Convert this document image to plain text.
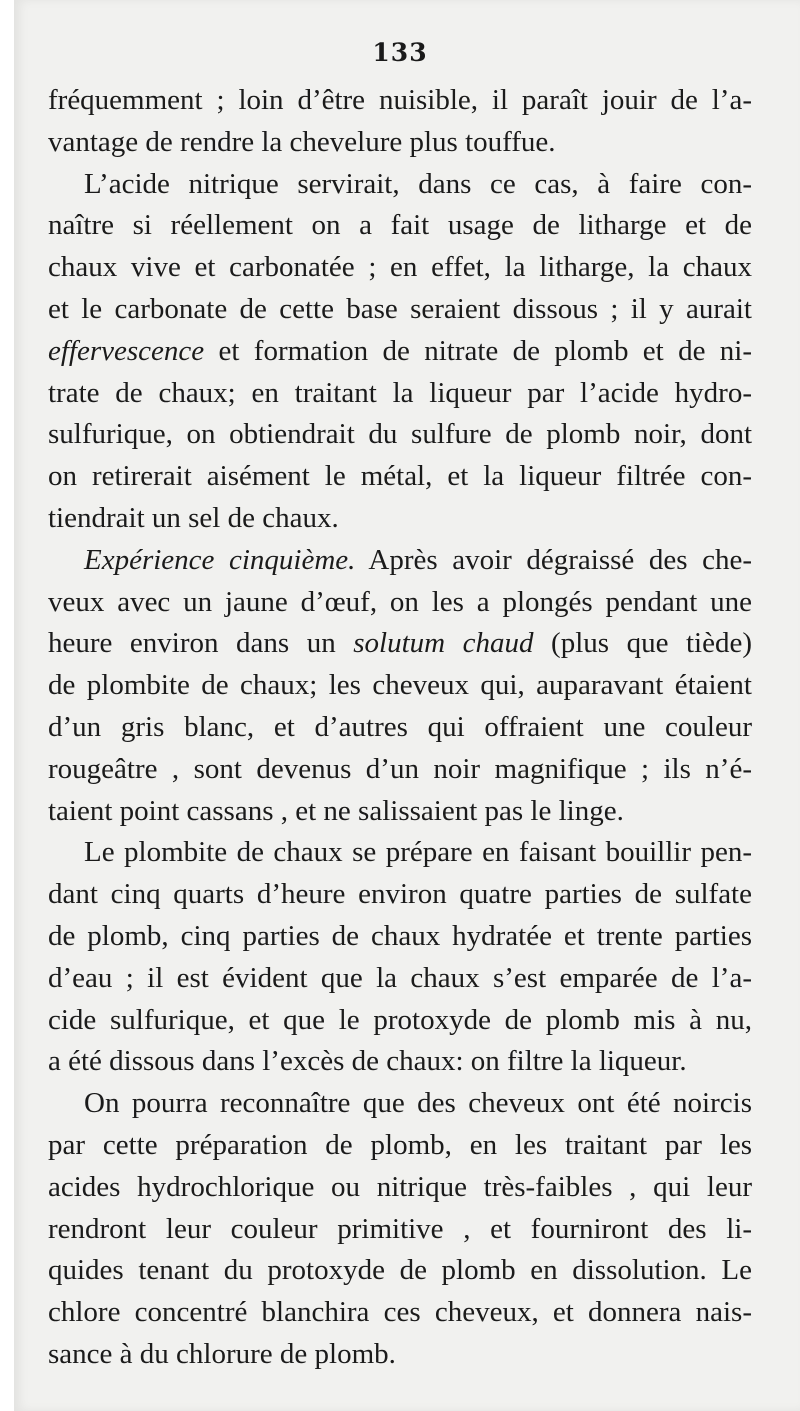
133
fréquemment ; loin d’être nuisible, il paraît jouir de l’a-
vantage de rendre la chevelure plus touffue.
L’acide nitrique servirait, dans ce cas, à faire con-
naître si réellement on a fait usage de litharge et de
chaux vive et carbonatée ; en effet, la litharge, la chaux
et le carbonate de cette base seraient dissous ; il y aurait
effervescence et formation de nitrate de plomb et de ni-
trate de chaux; en traitant la liqueur par l’acide hydro-
sulfurique, on obtiendrait du sulfure de plomb noir, dont
on retirerait aisément le métal, et la liqueur filtrée con-
tiendrait un sel de chaux.
Expérience cinquième. Après avoir dégraissé des che-
veux avec un jaune d’œuf, on les a plongés pendant une
heure environ dans un solutum chaud (plus que tiède)
de plombite de chaux; les cheveux qui, auparavant étaient
d’un gris blanc, et d’autres qui offraient une couleur
rougeâtre , sont devenus d’un noir magnifique ; ils n’é-
taient point cassans , et ne salissaient pas le linge.
Le plombite de chaux se prépare en faisant bouillir pen-
dant cinq quarts d’heure environ quatre parties de sulfate
de plomb, cinq parties de chaux hydratée et trente parties
d’eau ; il est évident que la chaux s’est emparée de l’a-
cide sulfurique, et que le protoxyde de plomb mis à nu,
a été dissous dans l’excès de chaux: on filtre la liqueur.
On pourra reconnaître que des cheveux ont été noircis
par cette préparation de plomb, en les traitant par les
acides hydrochlorique ou nitrique très-faibles , qui leur
rendront leur couleur primitive , et fourniront des li-
quides tenant du protoxyde de plomb en dissolution. Le
chlore concentré blanchira ces cheveux, et donnera nais-
sance à du chlorure de plomb.
